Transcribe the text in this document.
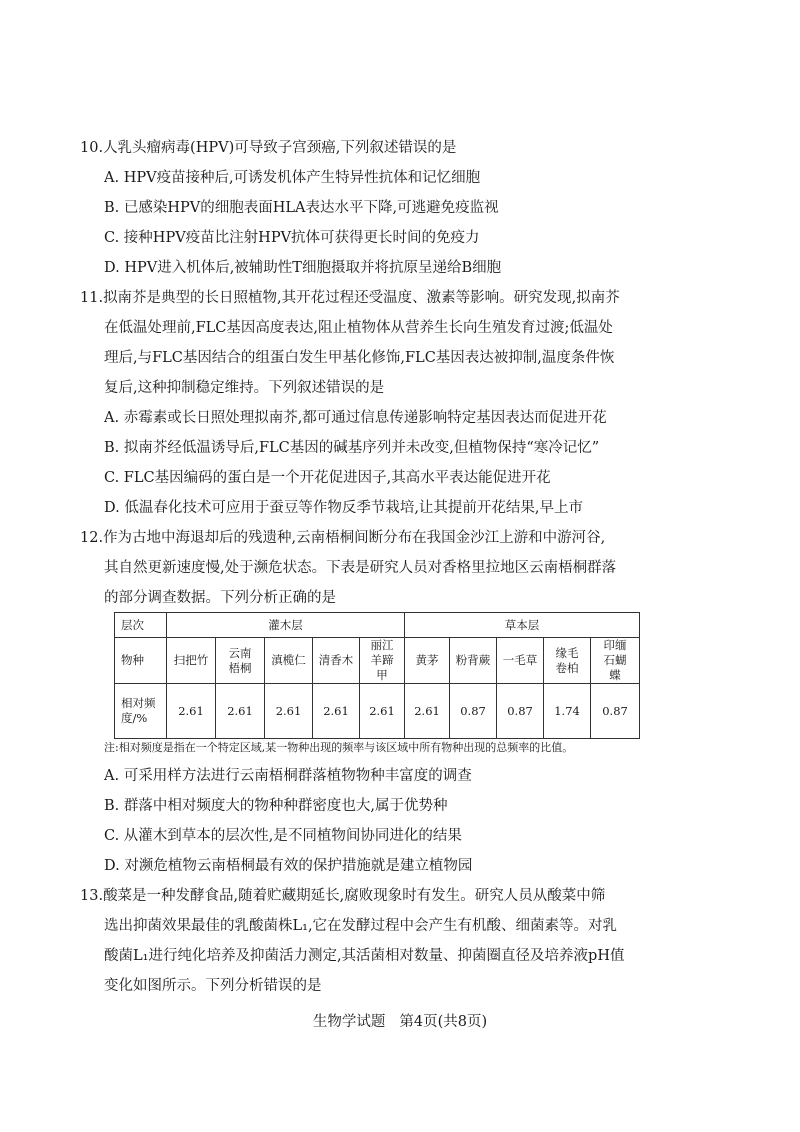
10.人乳头瘤病毒(HPV)可导致子宫颈癌,下列叙述错误的是
A. HPV疫苗接种后,可诱发机体产生特异性抗体和记忆细胞
B. 已感染HPV的细胞表面HLA表达水平下降,可逃避免疫监视
C. 接种HPV疫苗比注射HPV抗体可获得更长时间的免疫力
D. HPV进入机体后,被辅助性T细胞摄取并将抗原呈递给B细胞
11.拟南芥是典型的长日照植物,其开花过程还受温度、激素等影响。研究发现,拟南芥
在低温处理前,FLC基因高度表达,阻止植物体从营养生长向生殖发育过渡;低温处
理后,与FLC基因结合的组蛋白发生甲基化修饰,FLC基因表达被抑制,温度条件恢
复后,这种抑制稳定维持。下列叙述错误的是
A. 赤霉素或长日照处理拟南芥,都可通过信息传递影响特定基因表达而促进开花
B. 拟南芥经低温诱导后,FLC基因的碱基序列并未改变,但植物保持“寒冷记忆”
C. FLC基因编码的蛋白是一个开花促进因子,其高水平表达能促进开花
D. 低温春化技术可应用于蚕豆等作物反季节栽培,让其提前开花结果,早上市
12.作为古地中海退却后的残遗种,云南梧桐间断分布在我国金沙江上游和中游河谷,
其自然更新速度慢,处于濒危状态。下表是研究人员对香格里拉地区云南梧桐群落
的部分调查数据。下列分析正确的是
层次	灌木层					草本层				
物种	扫把竹	云南梧桐	滇榄仁	清香木	丽江羊蹄甲	黄茅	粉背蕨	一毛草	缘毛卷柏	印缅石蝴蝶
相对频度/%	2.61	2.61	2.61	2.61	2.61	2.61	0.87	0.87	1.74	0.87
注:相对频度是指在一个特定区域,某一物种出现的频率与该区域中所有物种出现的总频率的比值。
A. 可采用样方法进行云南梧桐群落植物物种丰富度的调查
B. 群落中相对频度大的物种种群密度也大,属于优势种
C. 从灌木到草本的层次性,是不同植物间协同进化的结果
D. 对濒危植物云南梧桐最有效的保护措施就是建立植物园
13.酸菜是一种发酵食品,随着贮藏期延长,腐败现象时有发生。研究人员从酸菜中筛
选出抑菌效果最佳的乳酸菌株L₁,它在发酵过程中会产生有机酸、细菌素等。对乳
酸菌L₁进行纯化培养及抑菌活力测定,其活菌相对数量、抑菌圈直径及培养液pH值
变化如图所示。下列分析错误的是
生物学试题 第4页(共8页)
